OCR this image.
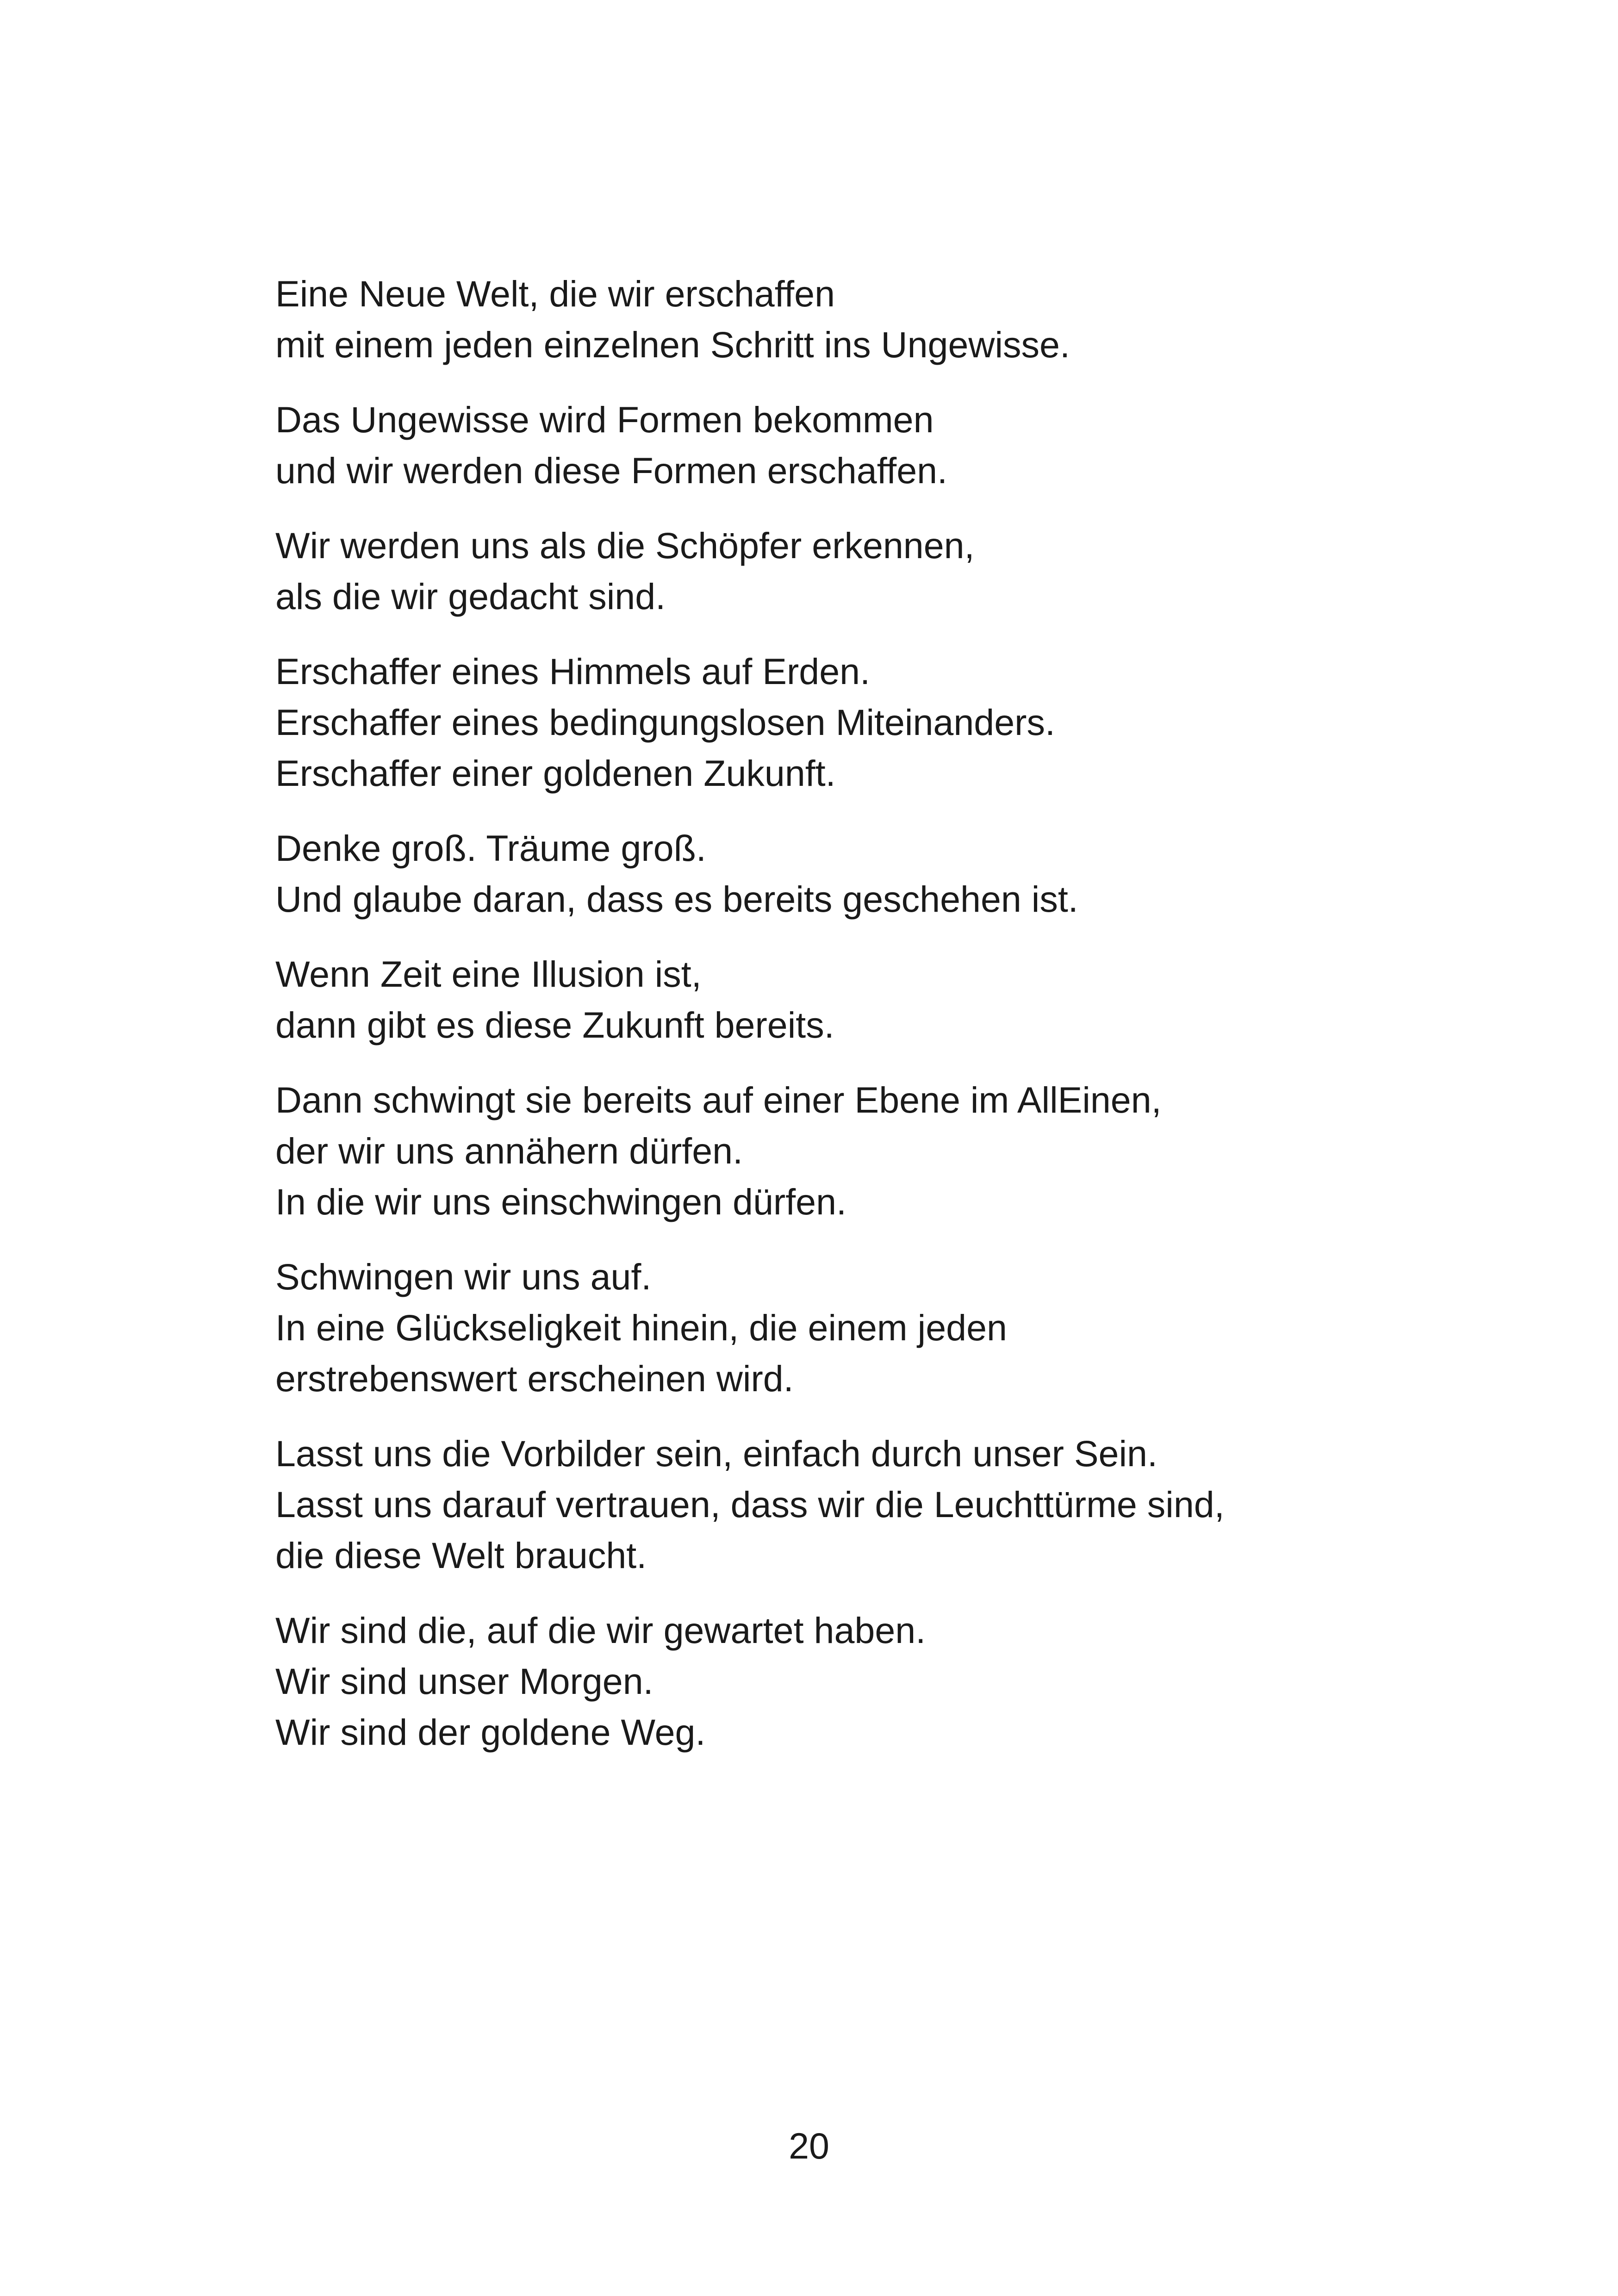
Eine Neue Welt, die wir erschaffen
mit einem jeden einzelnen Schritt ins Ungewisse.
Das Ungewisse wird Formen bekommen
und wir werden diese Formen erschaffen.
Wir werden uns als die Schöpfer erkennen,
als die wir gedacht sind.
Erschaffer eines Himmels auf Erden.
Erschaffer eines bedingungslosen Miteinanders.
Erschaffer einer goldenen Zukunft.
Denke groß. Träume groß.
Und glaube daran, dass es bereits geschehen ist.
Wenn Zeit eine Illusion ist,
dann gibt es diese Zukunft bereits.
Dann schwingt sie bereits auf einer Ebene im AllEinen,
der wir uns annähern dürfen.
In die wir uns einschwingen dürfen.
Schwingen wir uns auf.
In eine Glückseligkeit hinein, die einem jeden
erstrebenswert erscheinen wird.
Lasst uns die Vorbilder sein, einfach durch unser Sein.
Lasst uns darauf vertrauen, dass wir die Leuchttürme sind,
die diese Welt braucht.
Wir sind die, auf die wir gewartet haben.
Wir sind unser Morgen.
Wir sind der goldene Weg.
20
